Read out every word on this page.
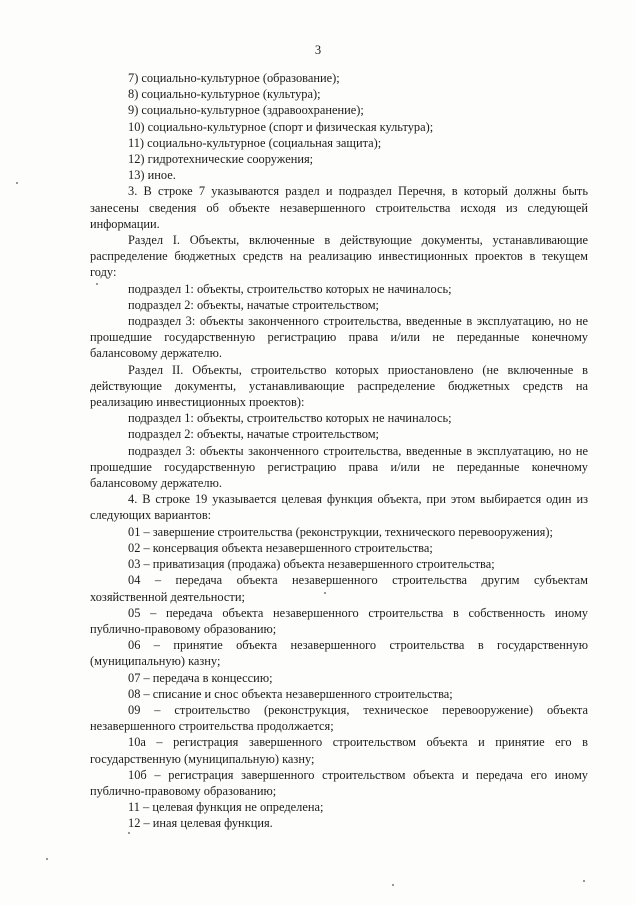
3

7) социально-культурное (образование);

8) социально-культурное (культура);

9) социально-культурное (здравоохранение);

10) социально-культурное (спорт и физическая культура);

11) социально-культурное (социальная защита);

12) гидротехнические сооружения;

13) иное.

3. В строке 7 указываются раздел и подраздел Перечня, в который должны быть занесены сведения об объекте незавершенного строительства исходя из следующей информации.

Раздел I. Объекты, включенные в действующие документы, устанавливающие распределение бюджетных средств на реализацию инвестиционных проектов в текущем году:

подраздел 1: объекты, строительство которых не начиналось;

подраздел 2: объекты, начатые строительством;

подраздел 3: объекты законченного строительства, введенные в эксплуатацию, но не прошедшие государственную регистрацию права и/или не переданные конечному балансовому держателю.

Раздел II. Объекты, строительство которых приостановлено (не включенные в действующие документы, устанавливающие распределение бюджетных средств на реализацию инвестиционных проектов):

подраздел 1: объекты, строительство которых не начиналось;

подраздел 2: объекты, начатые строительством;

подраздел 3: объекты законченного строительства, введенные в эксплуатацию, но не прошедшие государственную регистрацию права и/или не переданные конечному балансовому держателю.

4. В строке 19 указывается целевая функция объекта, при этом выбирается один из следующих вариантов:

01 – завершение строительства (реконструкции, технического перевооружения);

02 – консервация объекта незавершенного строительства;

03 – приватизация (продажа) объекта незавершенного строительства;

04 – передача объекта незавершенного строительства другим субъектам хозяйственной деятельности;

05 – передача объекта незавершенного строительства в собственность иному публично-правовому образованию;

06 – принятие объекта незавершенного строительства в государственную (муниципальную) казну;

07 – передача в концессию;

08 – списание и снос объекта незавершенного строительства;

09 – строительство (реконструкция, техническое перевооружение) объекта незавершенного строительства продолжается;

10а – регистрация завершенного строительством объекта и принятие его в государственную (муниципальную) казну;

10б – регистрация завершенного строительством объекта и передача его иному публично-правовому образованию;

11 – целевая функция не определена;

12 – иная целевая функция.
